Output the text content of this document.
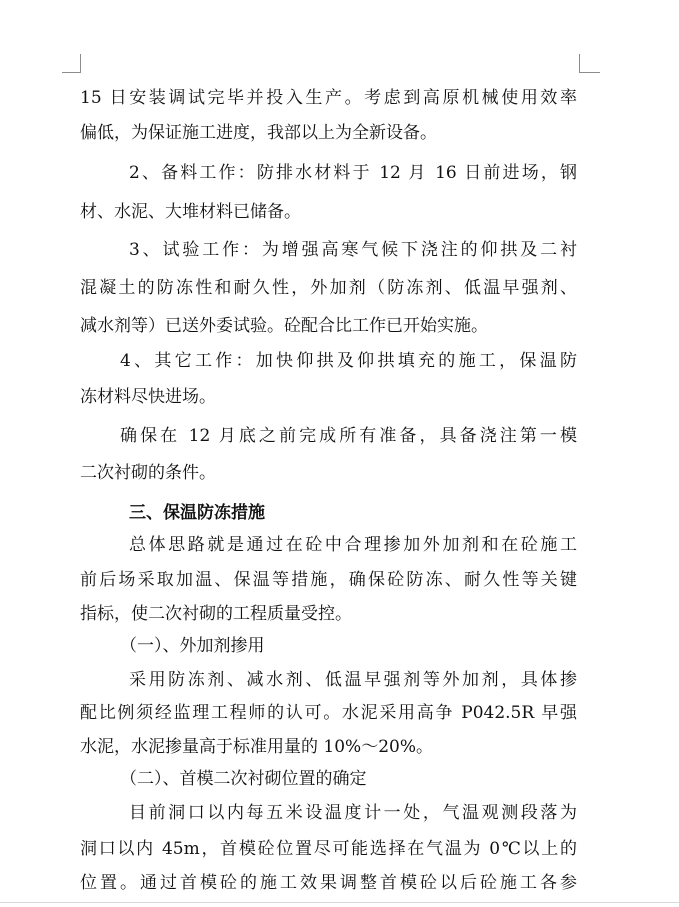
15 日安装调试完毕并投入生产。考虑到高原机械使用效率
偏低，为保证施工进度，我部以上为全新设备。
2、备料工作：防排水材料于 12 月 16 日前进场，钢
材、水泥、大堆材料已储备。
3、试验工作：为增强高寒气候下浇注的仰拱及二衬
混凝土的防冻性和耐久性，外加剂（防冻剂、低温早强剂、
减水剂等）已送外委试验。砼配合比工作已开始实施。
4、其它工作：加快仰拱及仰拱填充的施工，保温防
冻材料尽快进场。
确保在 12 月底之前完成所有准备，具备浇注第一模
二次衬砌的条件。
三、保温防冻措施
总体思路就是通过在砼中合理掺加外加剂和在砼施工
前后场采取加温、保温等措施，确保砼防冻、耐久性等关键
指标，使二次衬砌的工程质量受控。
（一）、外加剂掺用
采用防冻剂、减水剂、低温早强剂等外加剂，具体掺
配比例须经监理工程师的认可。水泥采用高争 P042.5R 早强
水泥，水泥掺量高于标准用量的 10%～20%。
（二）、首模二次衬砌位置的确定
目前洞口以内每五米设温度计一处，气温观测段落为
洞口以内 45m，首模砼位置尽可能选择在气温为 0℃以上的
位置。通过首模砼的施工效果调整首模砼以后砼施工各参
